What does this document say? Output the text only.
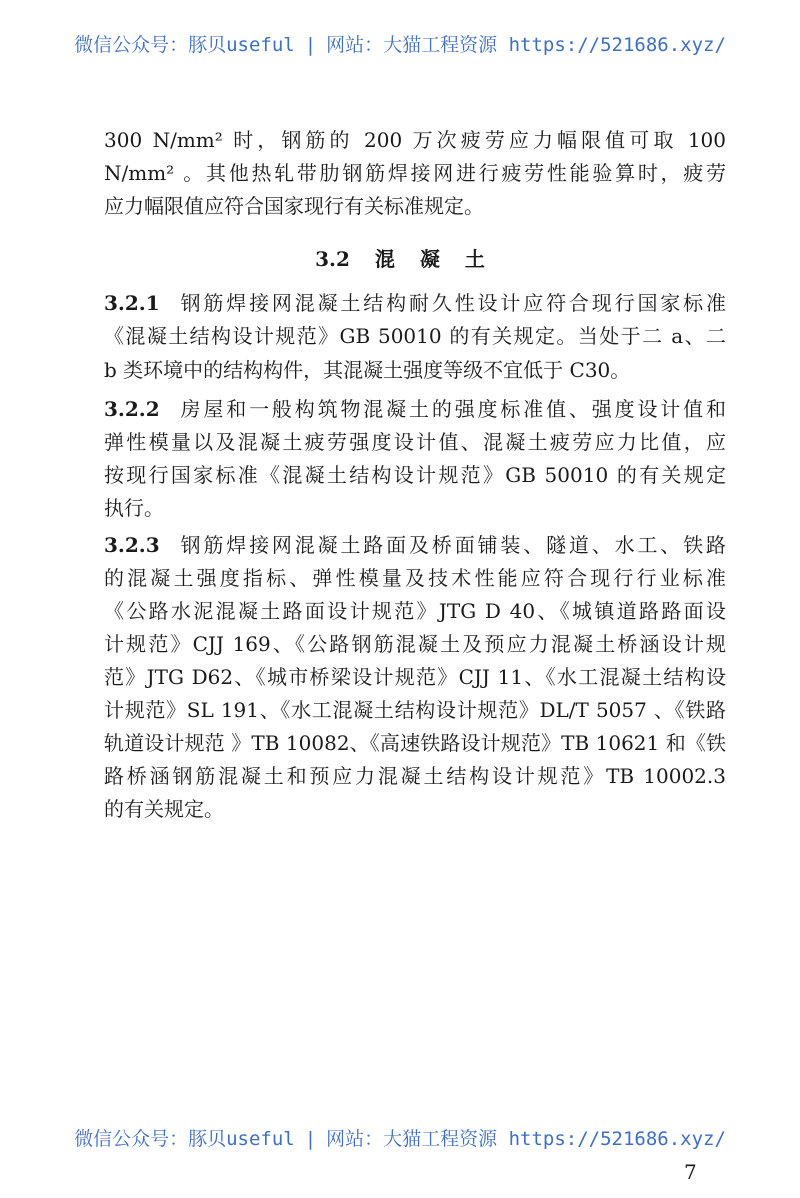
微信公众号：豚贝useful | 网站：大猫工程资源 https://521686.xyz/
300 N/mm² 时，钢筋的 200 万次疲劳应力幅限值可取 100
N/mm² 。其他热轧带肋钢筋焊接网进行疲劳性能验算时，疲劳
应力幅限值应符合国家现行有关标准规定。
3.2 混 凝 土
3.2.1 钢筋焊接网混凝土结构耐久性设计应符合现行国家标准
《混凝土结构设计规范》GB 50010 的有关规定。当处于二 a、二
b 类环境中的结构构件，其混凝土强度等级不宜低于 C30。
3.2.2 房屋和一般构筑物混凝土的强度标准值、强度设计值和
弹性模量以及混凝土疲劳强度设计值、混凝土疲劳应力比值，应
按现行国家标准《混凝土结构设计规范》GB 50010 的有关规定
执行。
3.2.3 钢筋焊接网混凝土路面及桥面铺装、隧道、水工、铁路
的混凝土强度指标、弹性模量及技术性能应符合现行行业标准
《公路水泥混凝土路面设计规范》JTG D 40、《城镇道路路面设
计规范》CJJ 169、《公路钢筋混凝土及预应力混凝土桥涵设计规
范》JTG D62、《城市桥梁设计规范》CJJ 11、《水工混凝土结构设
计规范》SL 191、《水工混凝土结构设计规范》DL/T 5057 、《铁路
轨道设计规范 》TB 10082、《高速铁路设计规范》TB 10621 和《铁
路桥涵钢筋混凝土和预应力混凝土结构设计规范》TB 10002.3
的有关规定。
微信公众号：豚贝useful | 网站：大猫工程资源 https://521686.xyz/
7
